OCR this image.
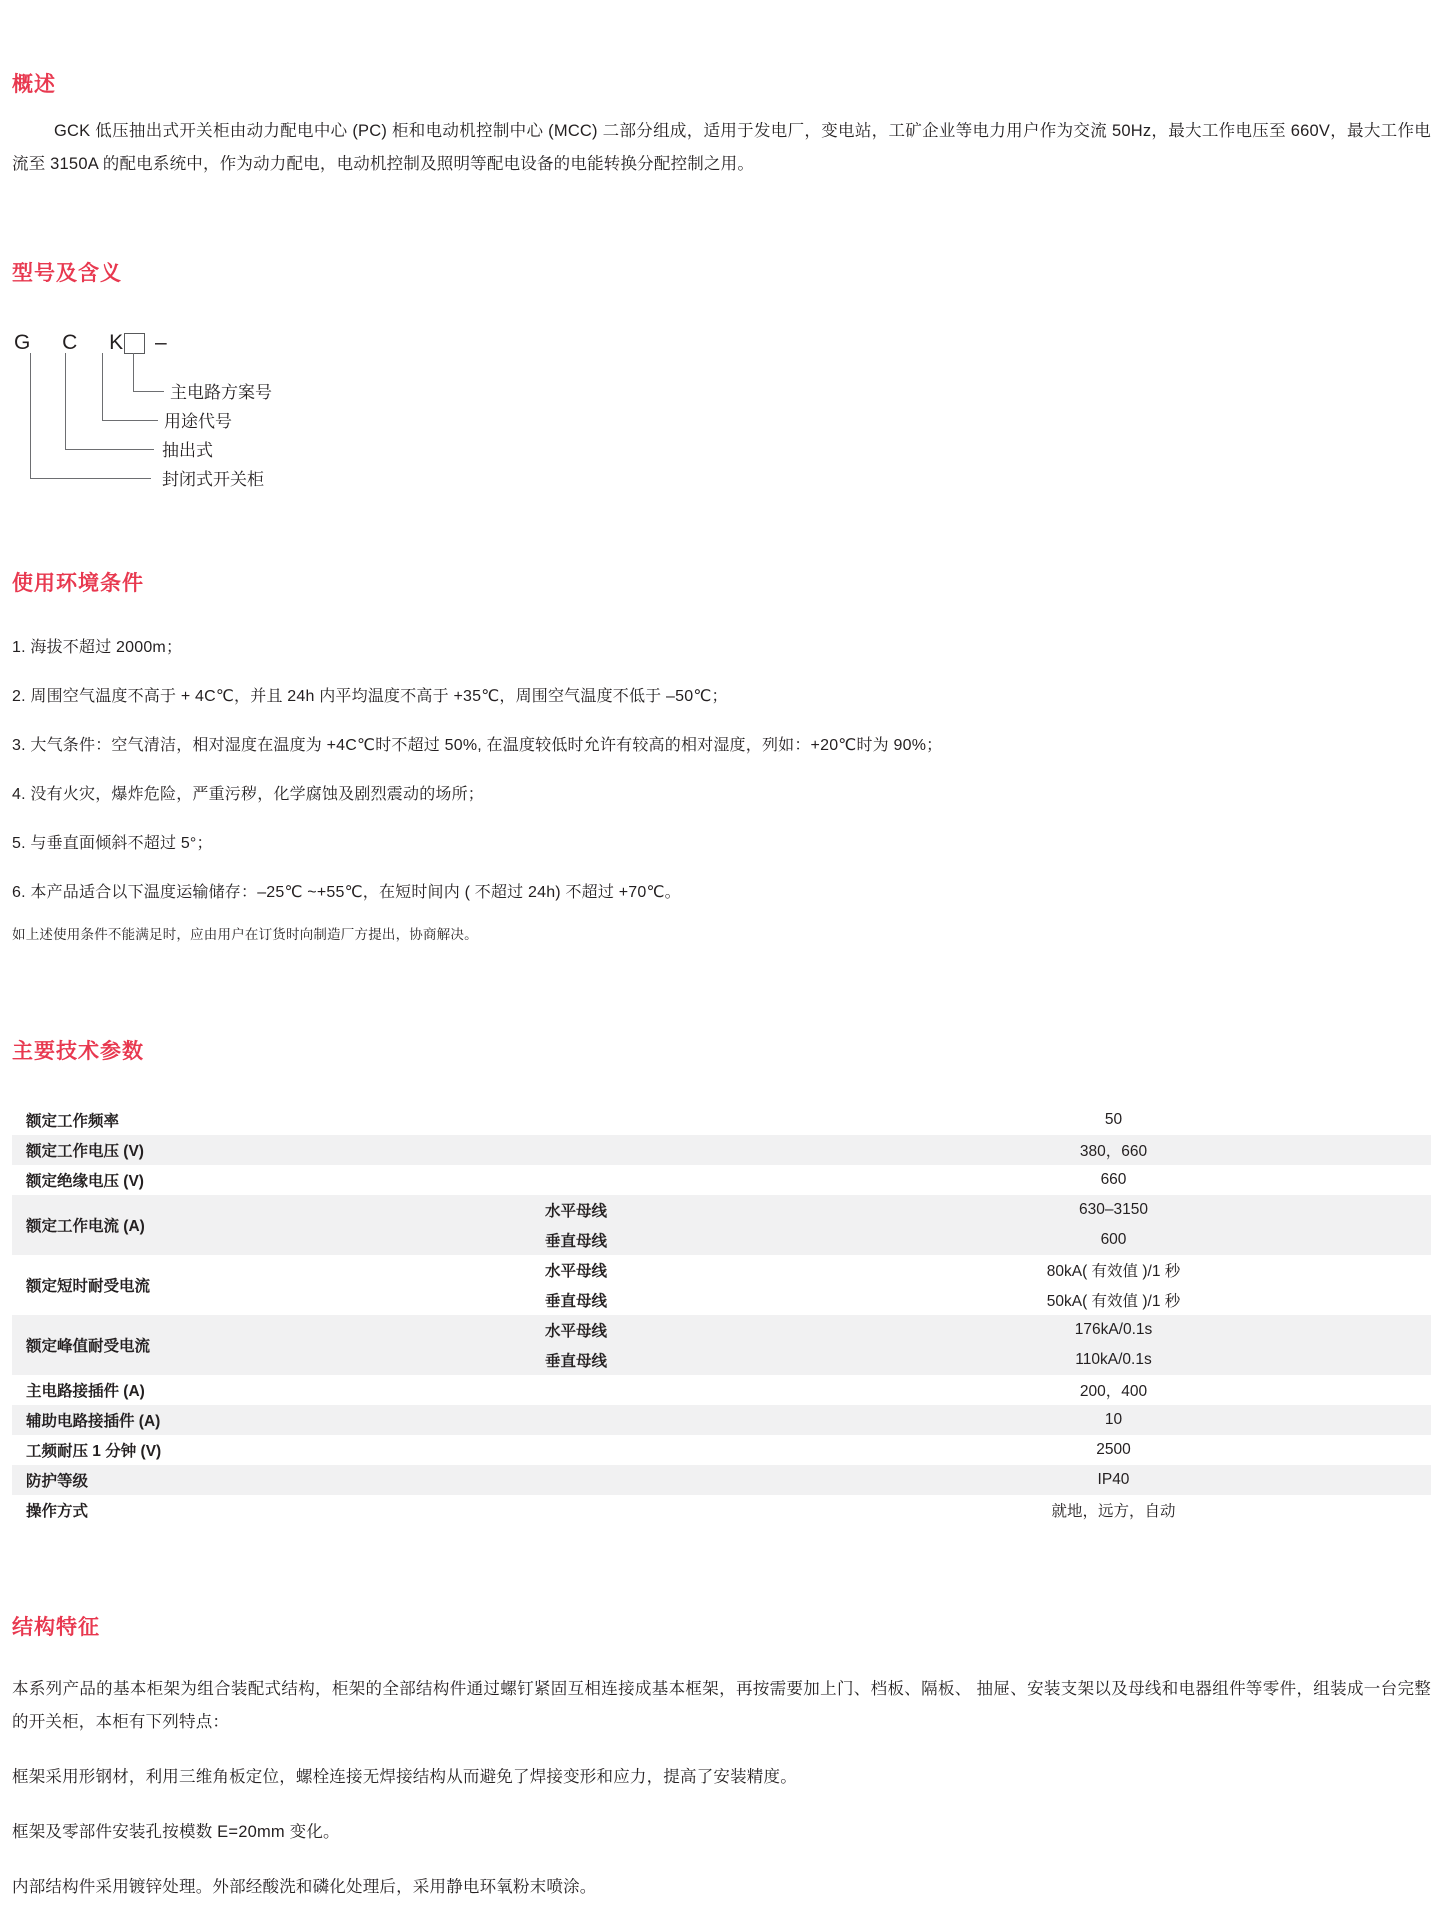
概述

GCK 低压抽出式开关柜由动力配电中心 (PC) 柜和电动机控制中心 (MCC) 二部分组成，适用于发电厂，变电站，工矿企业等电力用户作为交流 50Hz，最大工作电压至 660V，最大工作电流至 3150A 的配电系统中，作为动力配电，电动机控制及照明等配电设备的电能转换分配控制之用。

型号及含义
G C K –
主电路方案号
用途代号
抽出式
封闭式开关柜
使用环境条件
1. 海拔不超过 2000m；
2. 周围空气温度不高于 + 4C℃，并且 24h 内平均温度不高于 +35℃，周围空气温度不低于 –50℃；
3. 大气条件：空气清洁，相对湿度在温度为 +4C℃时不超过 50%, 在温度较低时允许有较高的相对湿度，列如：+20℃时为 90%；
4. 没有火灾，爆炸危险，严重污秽，化学腐蚀及剧烈震动的场所；
5. 与垂直面倾斜不超过 5°；
6. 本产品适合以下温度运输储存：–25℃ ~+55℃，在短时间内 ( 不超过 24h) 不超过 +70℃。
如上述使用条件不能满足时，应由用户在订货时向制造厂方提出，协商解决。
主要技术参数
额定工作频率		50
额定工作电压 (V)		380，660
额定绝缘电压 (V)		660
额定工作电流 (A)	水平母线	630–3150
	垂直母线	600
额定短时耐受电流	水平母线	80kA( 有效值 )/1 秒
	垂直母线	50kA( 有效值 )/1 秒
额定峰值耐受电流	水平母线	176kA/0.1s
	垂直母线	110kA/0.1s
主电路接插件 (A)		200，400
辅助电路接插件 (A)		10
工频耐压 1 分钟 (V)		2500
防护等级		IP40
操作方式		就地，远方，自动
结构特征

本系列产品的基本柜架为组合装配式结构，柜架的全部结构件通过螺钉紧固互相连接成基本框架，再按需要加上门、档板、隔板、 抽屉、安装支架以及母线和电器组件等零件，组装成一台完整的开关柜，本柜有下列特点：

框架采用形钢材，利用三维角板定位，螺栓连接无焊接结构从而避免了焊接变形和应力，提高了安装精度。

框架及零部件安装孔按模数 E=20mm 变化。

内部结构件采用镀锌处理。外部经酸洗和磷化处理后，采用静电环氧粉末喷涂。
